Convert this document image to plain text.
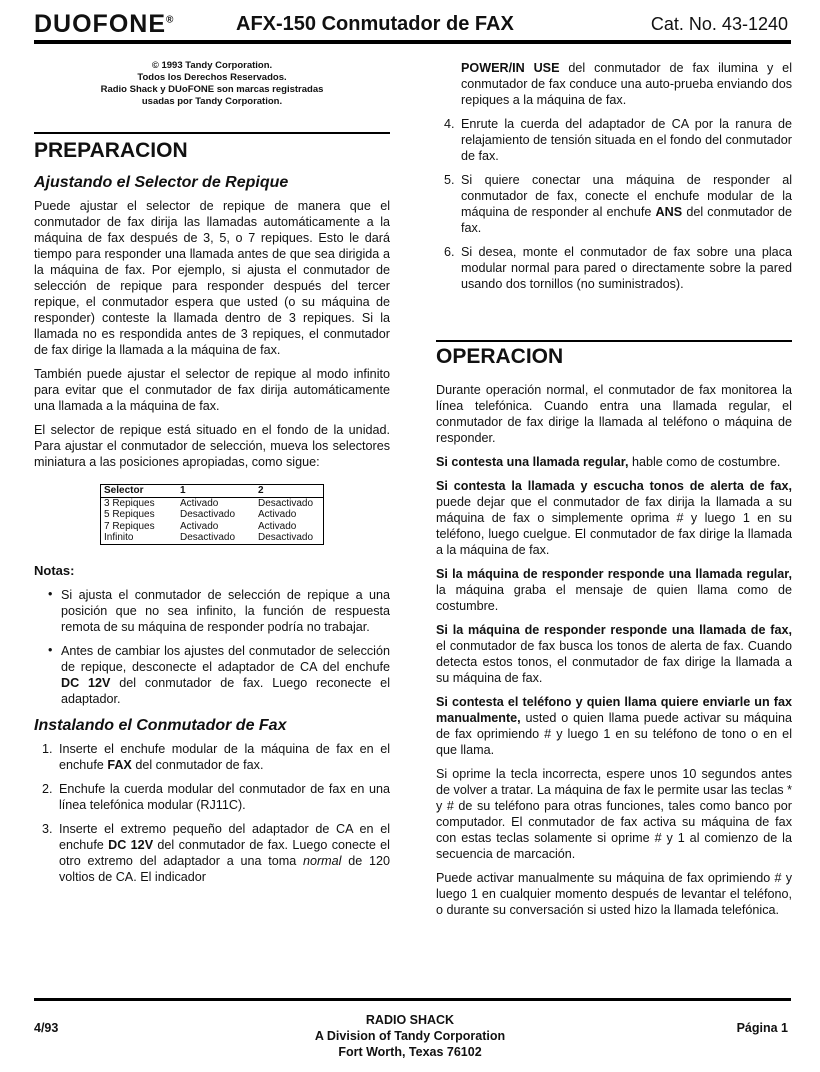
DUOFONE®	AFX-150 Conmutador de FAX	Cat. No. 43-1240
© 1993 Tandy Corporation.
Todos los Derechos Reservados.
Radio Shack y DUoFONE son marcas registradas
usadas por Tandy Corporation.
PREPARACION
Ajustando el Selector de Repique

Puede ajustar el selector de repique de manera que el conmutador de fax dirija las llamadas automáticamente a la máquina de fax después de 3, 5, o 7 repiques. Esto le dará tiempo para responder una llamada antes de que sea dirigida a la máquina de fax. Por ejemplo, si ajusta el conmutador de selección de repique para responder después del tercer repique, el conmutador espera que usted (o su máquina de responder) conteste la llamada dentro de 3 repiques. Si la llamada no es respondida antes de 3 repiques, el conmutador de fax dirige la llamada a la máquina de fax.

También puede ajustar el selector de repique al modo infinito para evitar que el conmutador de fax dirija automáticamente una llamada a la máquina de fax.

El selector de repique está situado en el fondo de la unidad. Para ajustar el conmutador de selección, mueva los selectores miniatura a las posiciones apropiadas, como sigue:

Selector	1	2
3 Repiques	Activado	Desactivado
5 Repiques	Desactivado	Activado
7 Repiques	Activado	Activado
Infinito	Desactivado	Desactivado
Notas:
• Si ajusta el conmutador de selección de repique a una posición que no sea infinito, la función de respuesta remota de su máquina de responder podría no trabajar.
• Antes de cambiar los ajustes del conmutador de selección de repique, desconecte el adaptador de CA del enchufe DC 12V del conmutador de fax. Luego reconecte el adaptador.
Instalando el Conmutador de Fax
1. Inserte el enchufe modular de la máquina de fax en el enchufe FAX del conmutador de fax.
2. Enchufe la cuerda modular del conmutador de fax en una línea telefónica modular (RJ11C).
3. Inserte el extremo pequeño del adaptador de CA en el enchufe DC 12V del conmutador de fax. Luego conecte el otro extremo del adaptador a una toma normal de 120 voltios de CA. El indicador
POWER/IN USE del conmutador de fax ilumina y el conmutador de fax conduce una auto-prueba enviando dos repiques a la máquina de fax.
4. Enrute la cuerda del adaptador de CA por la ranura de relajamiento de tensión situada en el fondo del conmutador de fax.
5. Si quiere conectar una máquina de responder al conmutador de fax, conecte el enchufe modular de la máquina de responder al enchufe ANS del conmutador de fax.
6. Si desea, monte el conmutador de fax sobre una placa modular normal para pared o directamente sobre la pared usando dos tornillos (no suministrados).
OPERACION

Durante operación normal, el conmutador de fax monitorea la línea telefónica. Cuando entra una llamada regular, el conmutador de fax dirige la llamada al teléfono o máquina de responder.

Si contesta una llamada regular, hable como de costumbre.

Si contesta la llamada y escucha tonos de alerta de fax, puede dejar que el conmutador de fax dirija la llamada a su máquina de fax o simplemente oprima # y luego 1 en su teléfono, luego cuelgue. El conmutador de fax dirige la llamada a la máquina de fax.

Si la máquina de responder responde una llamada regular, la máquina graba el mensaje de quien llama como de costumbre.

Si la máquina de responder responde una llamada de fax, el conmutador de fax busca los tonos de alerta de fax. Cuando detecta estos tonos, el conmutador de fax dirige la llamada a su máquina de fax.

Si contesta el teléfono y quien llama quiere enviarle un fax manualmente, usted o quien llama puede activar su máquina de fax oprimiendo # y luego 1 en su teléfono de tono o en el que llama.

Si oprime la tecla incorrecta, espere unos 10 segundos antes de volver a tratar. La máquina de fax le permite usar las teclas * y # de su teléfono para otras funciones, tales como banco por computador. El conmutador de fax activa su máquina de fax con estas teclas solamente si oprime # y 1 al comienzo de la secuencia de marcación.

Puede activar manualmente su máquina de fax oprimiendo # y luego 1 en cualquier momento después de levantar el teléfono, o durante su conversación si usted hizo la llamada telefónica.

4/93
RADIO SHACK
A Division of Tandy Corporation
Fort Worth, Texas 76102
Página 1
